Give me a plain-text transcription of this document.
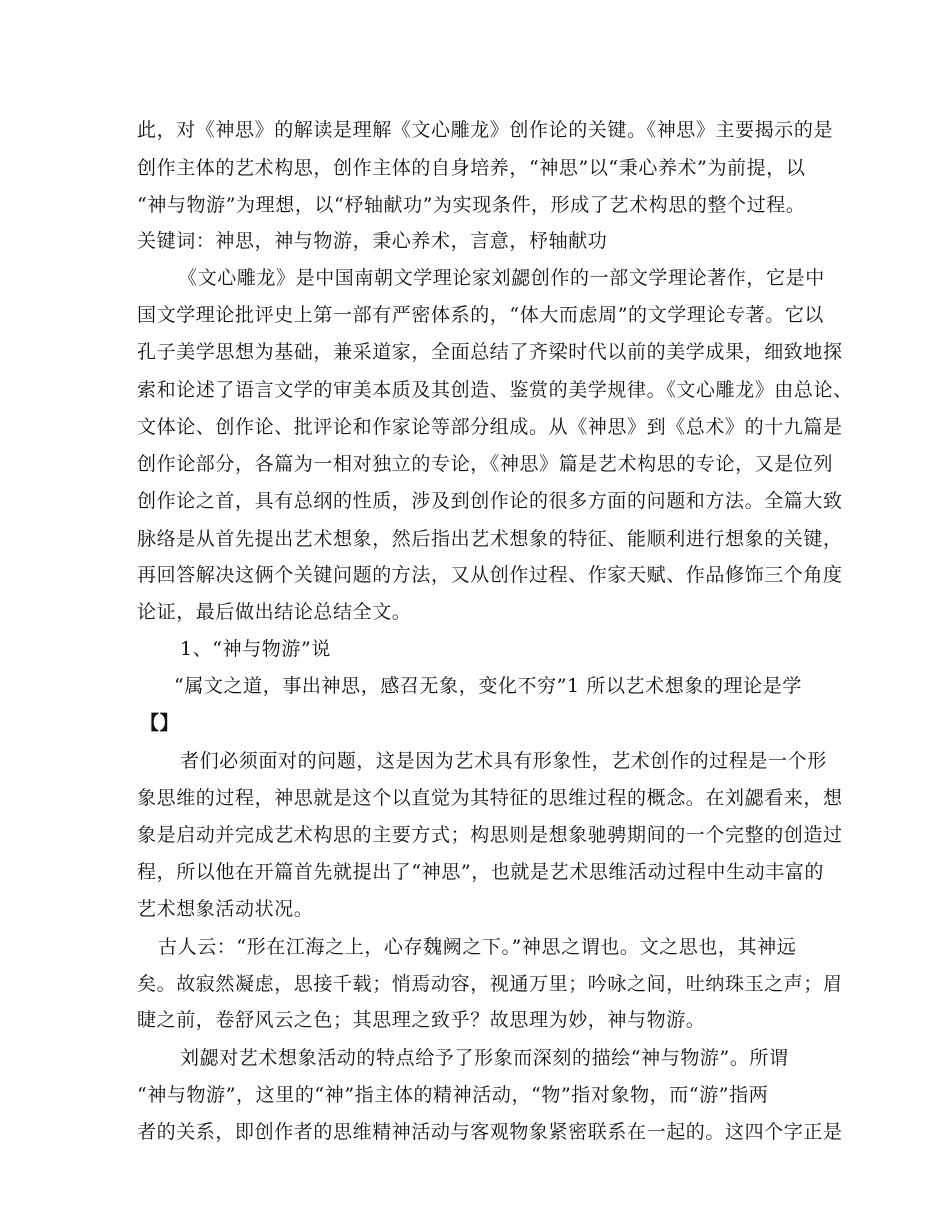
此，对《神思》的解读是理解《文心雕龙》创作论的关键。《神思》主要揭示的是
创作主体的艺术构思，创作主体的自身培养，“神思”以“秉心养术”为前提，以
“神与物游”为理想，以“杼轴献功”为实现条件，形成了艺术构思的整个过程。
关键词：神思，神与物游，秉心养术，言意，杼轴献功
《文心雕龙》是中国南朝文学理论家刘勰创作的一部文学理论著作，它是中
国文学理论批评史上第一部有严密体系的，“体大而虑周”的文学理论专著。它以
孔子美学思想为基础，兼采道家，全面总结了齐梁时代以前的美学成果，细致地探
索和论述了语言文学的审美本质及其创造、鉴赏的美学规律。《文心雕龙》由总论、
文体论、创作论、批评论和作家论等部分组成。从《神思》到《总术》的十九篇是
创作论部分，各篇为一相对独立的专论，《神思》篇是艺术构思的专论，又是位列
创作论之首，具有总纲的性质，涉及到创作论的很多方面的问题和方法。全篇大致
脉络是从首先提出艺术想象，然后指出艺术想象的特征、能顺利进行想象的关键，
再回答解决这俩个关键问题的方法，又从创作过程、作家天赋、作品修饰三个角度
论证，最后做出结论总结全文。
1、“神与物游”说
“属文之道，事出神思，感召无象，变化不穷”1 所以艺术想象的理论是学
【】
者们必须面对的问题，这是因为艺术具有形象性，艺术创作的过程是一个形
象思维的过程，神思就是这个以直觉为其特征的思维过程的概念。在刘勰看来，想
象是启动并完成艺术构思的主要方式；构思则是想象驰骋期间的一个完整的创造过
程，所以他在开篇首先就提出了“神思”，也就是艺术思维活动过程中生动丰富的
艺术想象活动状况。
古人云：“形在江海之上，心存魏阙之下。”神思之谓也。文之思也，其神远
矣。故寂然凝虑，思接千载；悄焉动容，视通万里；吟咏之间，吐纳珠玉之声；眉
睫之前，卷舒风云之色；其思理之致乎？故思理为妙，神与物游。
刘勰对艺术想象活动的特点给予了形象而深刻的描绘“神与物游”。所谓
“神与物游”，这里的“神”指主体的精神活动，“物”指对象物，而“游”指两
者的关系，即创作者的思维精神活动与客观物象紧密联系在一起的。这四个字正是
